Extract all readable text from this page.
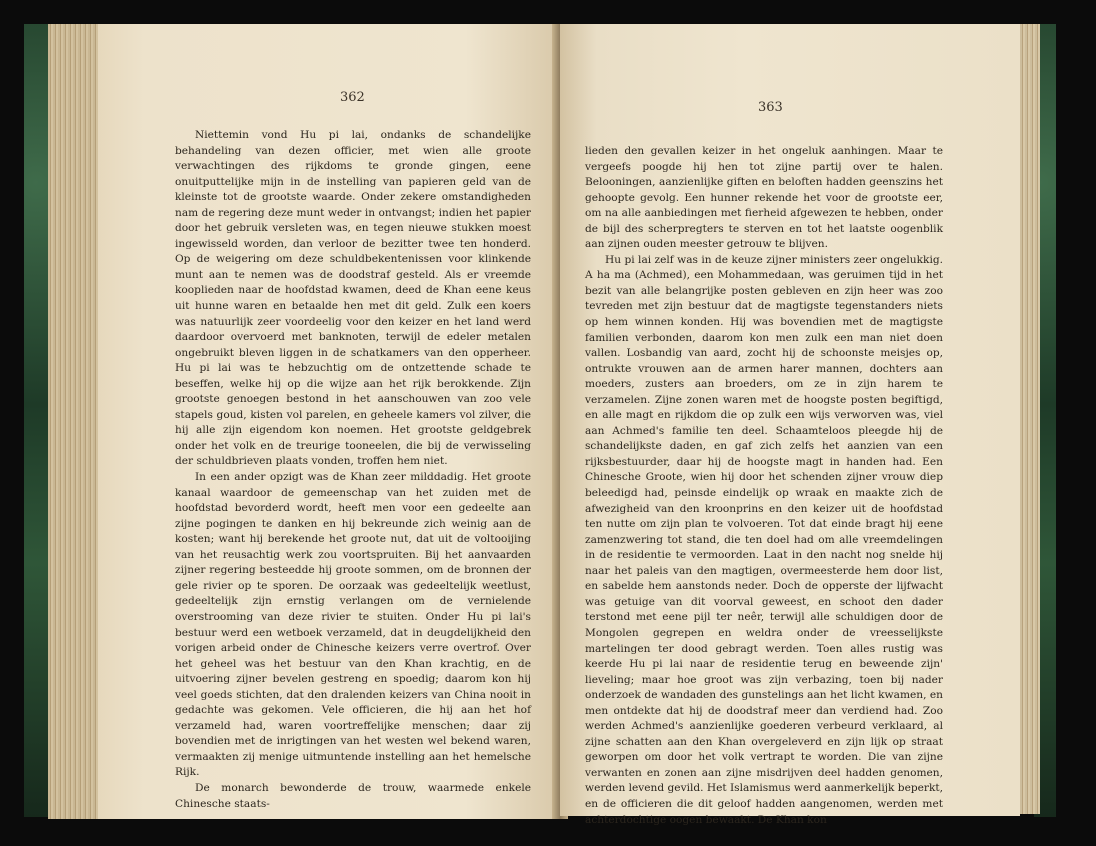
362

Niettemin vond Hu pi lai, ondanks de schandelijke behandeling van dezen officier, met wien alle groote verwachtingen des rijkdoms te gronde gingen, eene onuitputtelijke mijn in de instelling van papieren geld van de kleinste tot de grootste waarde. Onder zekere omstandigheden nam de regering deze munt weder in ontvangst; indien het papier door het gebruik versleten was, en tegen nieuwe stukken moest ingewisseld worden, dan verloor de bezitter twee ten honderd. Op de weigering om deze schuldbekentenissen voor klinkende munt aan te nemen was de doodstraf gesteld. Als er vreemde kooplieden naar de hoofdstad kwamen, deed de Khan eene keus uit hunne waren en betaalde hen met dit geld. Zulk een koers was natuurlijk zeer voordeelig voor den keizer en het land werd daardoor overvoerd met banknoten, terwijl de edeler metalen ongebruikt bleven liggen in de schatkamers van den opperheer. Hu pi lai was te hebzuchtig om de ontzettende schade te beseffen, welke hij op die wijze aan het rijk berokkende. Zijn grootste genoegen bestond in het aanschouwen van zoo vele stapels goud, kisten vol parelen, en geheele kamers vol zilver, die hij alle zijn eigendom kon noemen. Het grootste geldgebrek onder het volk en de treurige tooneelen, die bij de verwisseling der schuldbrieven plaats vonden, troffen hem niet.

In een ander opzigt was de Khan zeer milddadig. Het groote kanaal waardoor de gemeenschap van het zuiden met de hoofdstad bevorderd wordt, heeft men voor een gedeelte aan zijne pogingen te danken en hij bekreunde zich weinig aan de kosten; want hij berekende het groote nut, dat uit de voltooijing van het reusachtig werk zou voortspruiten. Bij het aanvaarden zijner regering besteedde hij groote sommen, om de bronnen der gele rivier op te sporen. De oorzaak was gedeeltelijk weetlust, gedeeltelijk zijn ernstig verlangen om de vernielende overstrooming van deze rivier te stuiten. Onder Hu pi lai's bestuur werd een wetboek verzameld, dat in deugdelijkheid den vorigen arbeid onder de Chinesche keizers verre overtrof. Over het geheel was het bestuur van den Khan krachtig, en de uitvoering zijner bevelen gestreng en spoedig; daarom kon hij veel goeds stichten, dat den dralenden keizers van China nooit in gedachte was gekomen. Vele officieren, die hij aan het hof verzameld had, waren voortreffelijke menschen; daar zij bovendien met de inrigtingen van het westen wel bekend waren, vermaakten zij menige uitmuntende instelling aan het hemelsche Rijk.

De monarch bewonderde de trouw, waarmede enkele Chinesche staats-

363

lieden den gevallen keizer in het ongeluk aanhingen. Maar te vergeefs poogde hij hen tot zijne partij over te halen. Belooningen, aanzienlijke giften en beloften hadden geenszins het gehoopte gevolg. Een hunner rekende het voor de grootste eer, om na alle aanbiedingen met fierheid afgewezen te hebben, onder de bijl des scherpregters te sterven en tot het laatste oogenblik aan zijnen ouden meester getrouw te blijven.

Hu pi lai zelf was in de keuze zijner ministers zeer ongelukkig. A ha ma (Achmed), een Mohammedaan, was geruimen tijd in het bezit van alle belangrijke posten gebleven en zijn heer was zoo tevreden met zijn bestuur dat de magtigste tegenstanders niets op hem winnen konden. Hij was bovendien met de magtigste familien verbonden, daarom kon men zulk een man niet doen vallen. Losbandig van aard, zocht hij de schoonste meisjes op, ontrukte vrouwen aan de armen harer mannen, dochters aan moeders, zusters aan broeders, om ze in zijn harem te verzamelen. Zijne zonen waren met de hoogste posten begiftigd, en alle magt en rijkdom die op zulk een wijs verworven was, viel aan Achmed's familie ten deel. Schaamteloos pleegde hij de schandelijkste daden, en gaf zich zelfs het aanzien van een rijksbestuurder, daar hij de hoogste magt in handen had. Een Chinesche Groote, wien hij door het schenden zijner vrouw diep beleedigd had, peinsde eindelijk op wraak en maakte zich de afwezigheid van den kroonprins en den keizer uit de hoofdstad ten nutte om zijn plan te volvoeren. Tot dat einde bragt hij eene zamenzwering tot stand, die ten doel had om alle vreemdelingen in de residentie te vermoorden. Laat in den nacht nog snelde hij naar het paleis van den magtigen, overmeesterde hem door list, en sabelde hem aanstonds neder. Doch de opperste der lijfwacht was getuige van dit voorval geweest, en schoot den dader terstond met eene pijl ter neêr, terwijl alle schuldigen door de Mongolen gegrepen en weldra onder de vreesselijkste martelingen ter dood gebragt werden. Toen alles rustig was keerde Hu pi lai naar de residentie terug en beweende zijn' lieveling; maar hoe groot was zijn verbazing, toen bij nader onderzoek de wandaden des gunstelings aan het licht kwamen, en men ontdekte dat hij de doodstraf meer dan verdiend had. Zoo werden Achmed's aanzienlijke goederen verbeurd verklaard, al zijne schatten aan den Khan overgeleverd en zijn lijk op straat geworpen om door het volk vertrapt te worden. Die van zijne verwanten en zonen aan zijne misdrijven deel hadden genomen, werden levend gevild. Het Islamismus werd aanmerkelijk beperkt, en de officieren die dit geloof hadden aangenomen, werden met achterdochtige oogen bewaakt. De Khan kon
